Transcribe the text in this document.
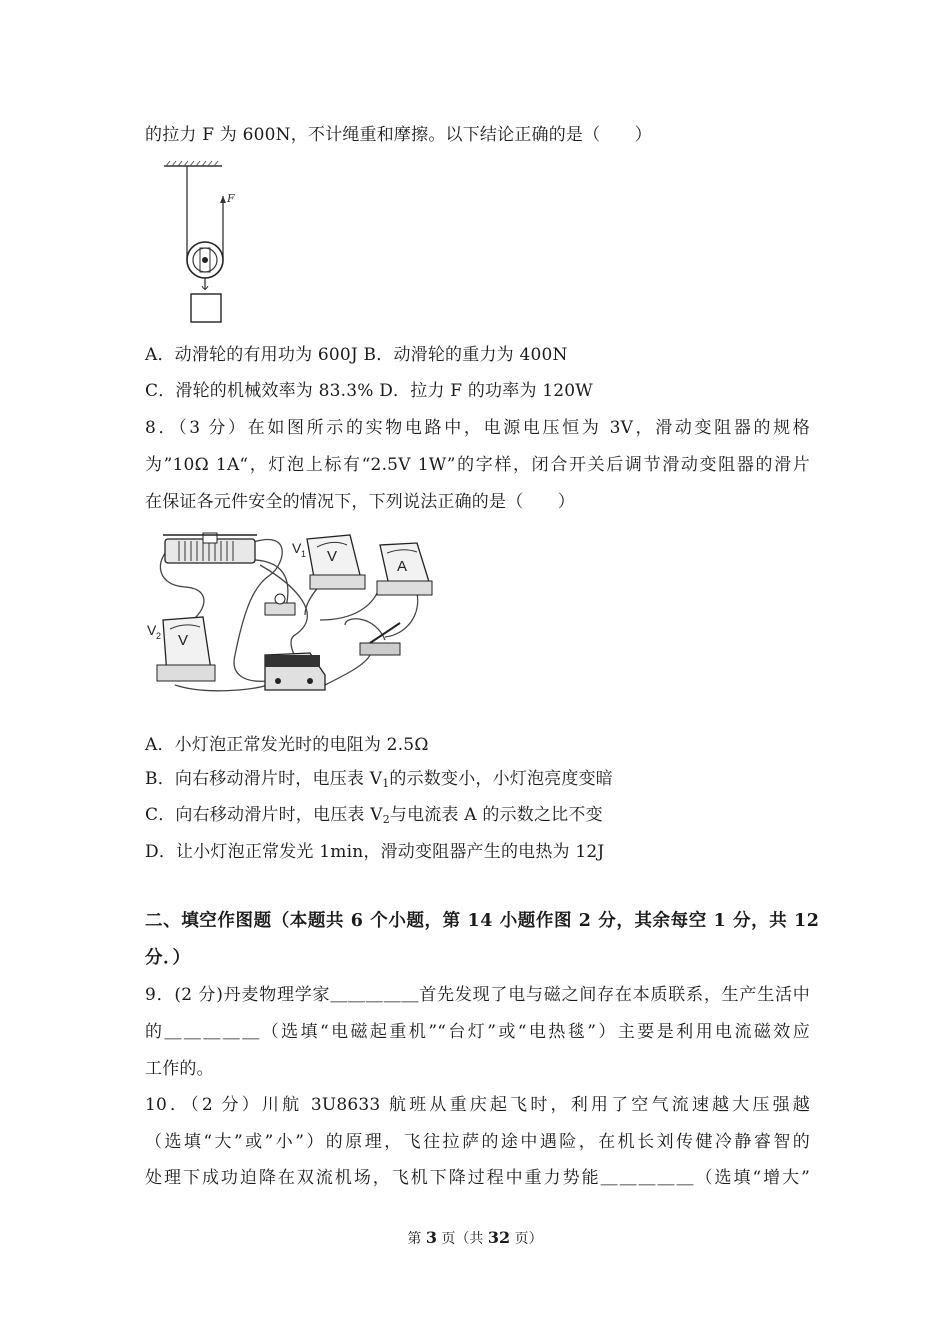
的拉力 F 为 600N，不计绳重和摩擦。以下结论正确的是（　　）
F
A．动滑轮的有用功为 600J B．动滑轮的重力为 400N
C．滑轮的机械效率为 83.3% D．拉力 F 的功率为 120W
8．（3 分）在如图所示的实物电路中，电源电压恒为 3V，滑动变阻器的规格
为”10Ω 1A“，灯泡上标有“2.5V 1W”的字样，闭合开关后调节滑动变阻器的滑片
在保证各元件安全的情况下，下列说法正确的是（　　）
V 1 V
A
V 2 V
A．小灯泡正常发光时的电阻为 2.5Ω
B．向右移动滑片时，电压表 $V_1$的示数变小，小灯泡亮度变暗
C．向右移动滑片时，电压表 $V_2$与电流表 A 的示数之比不变
D．让小灯泡正常发光 1min，滑动变阻器产生的电热为 12J
二、填空作图题（本题共 6 个小题，第 14 小题作图 2 分，其余每空 1 分，共 12
分．）
9．(2 分)丹麦物理学家＿＿＿＿＿首先发现了电与磁之间存在本质联系，生产生活中
的＿＿＿＿＿（选填“电磁起重机”“台灯”或“电热毯”）主要是利用电流磁效应
工作的。
10．（2 分）川航 3U8633 航班从重庆起飞时，利用了空气流速越大压强越
（选填“大”或”小”）的原理，飞往拉萨的途中遇险，在机长刘传健冷静睿智的
处理下成功迫降在双流机场，飞机下降过程中重力势能＿＿＿＿＿（选填“增大”
第 3 页（共 32 页）
